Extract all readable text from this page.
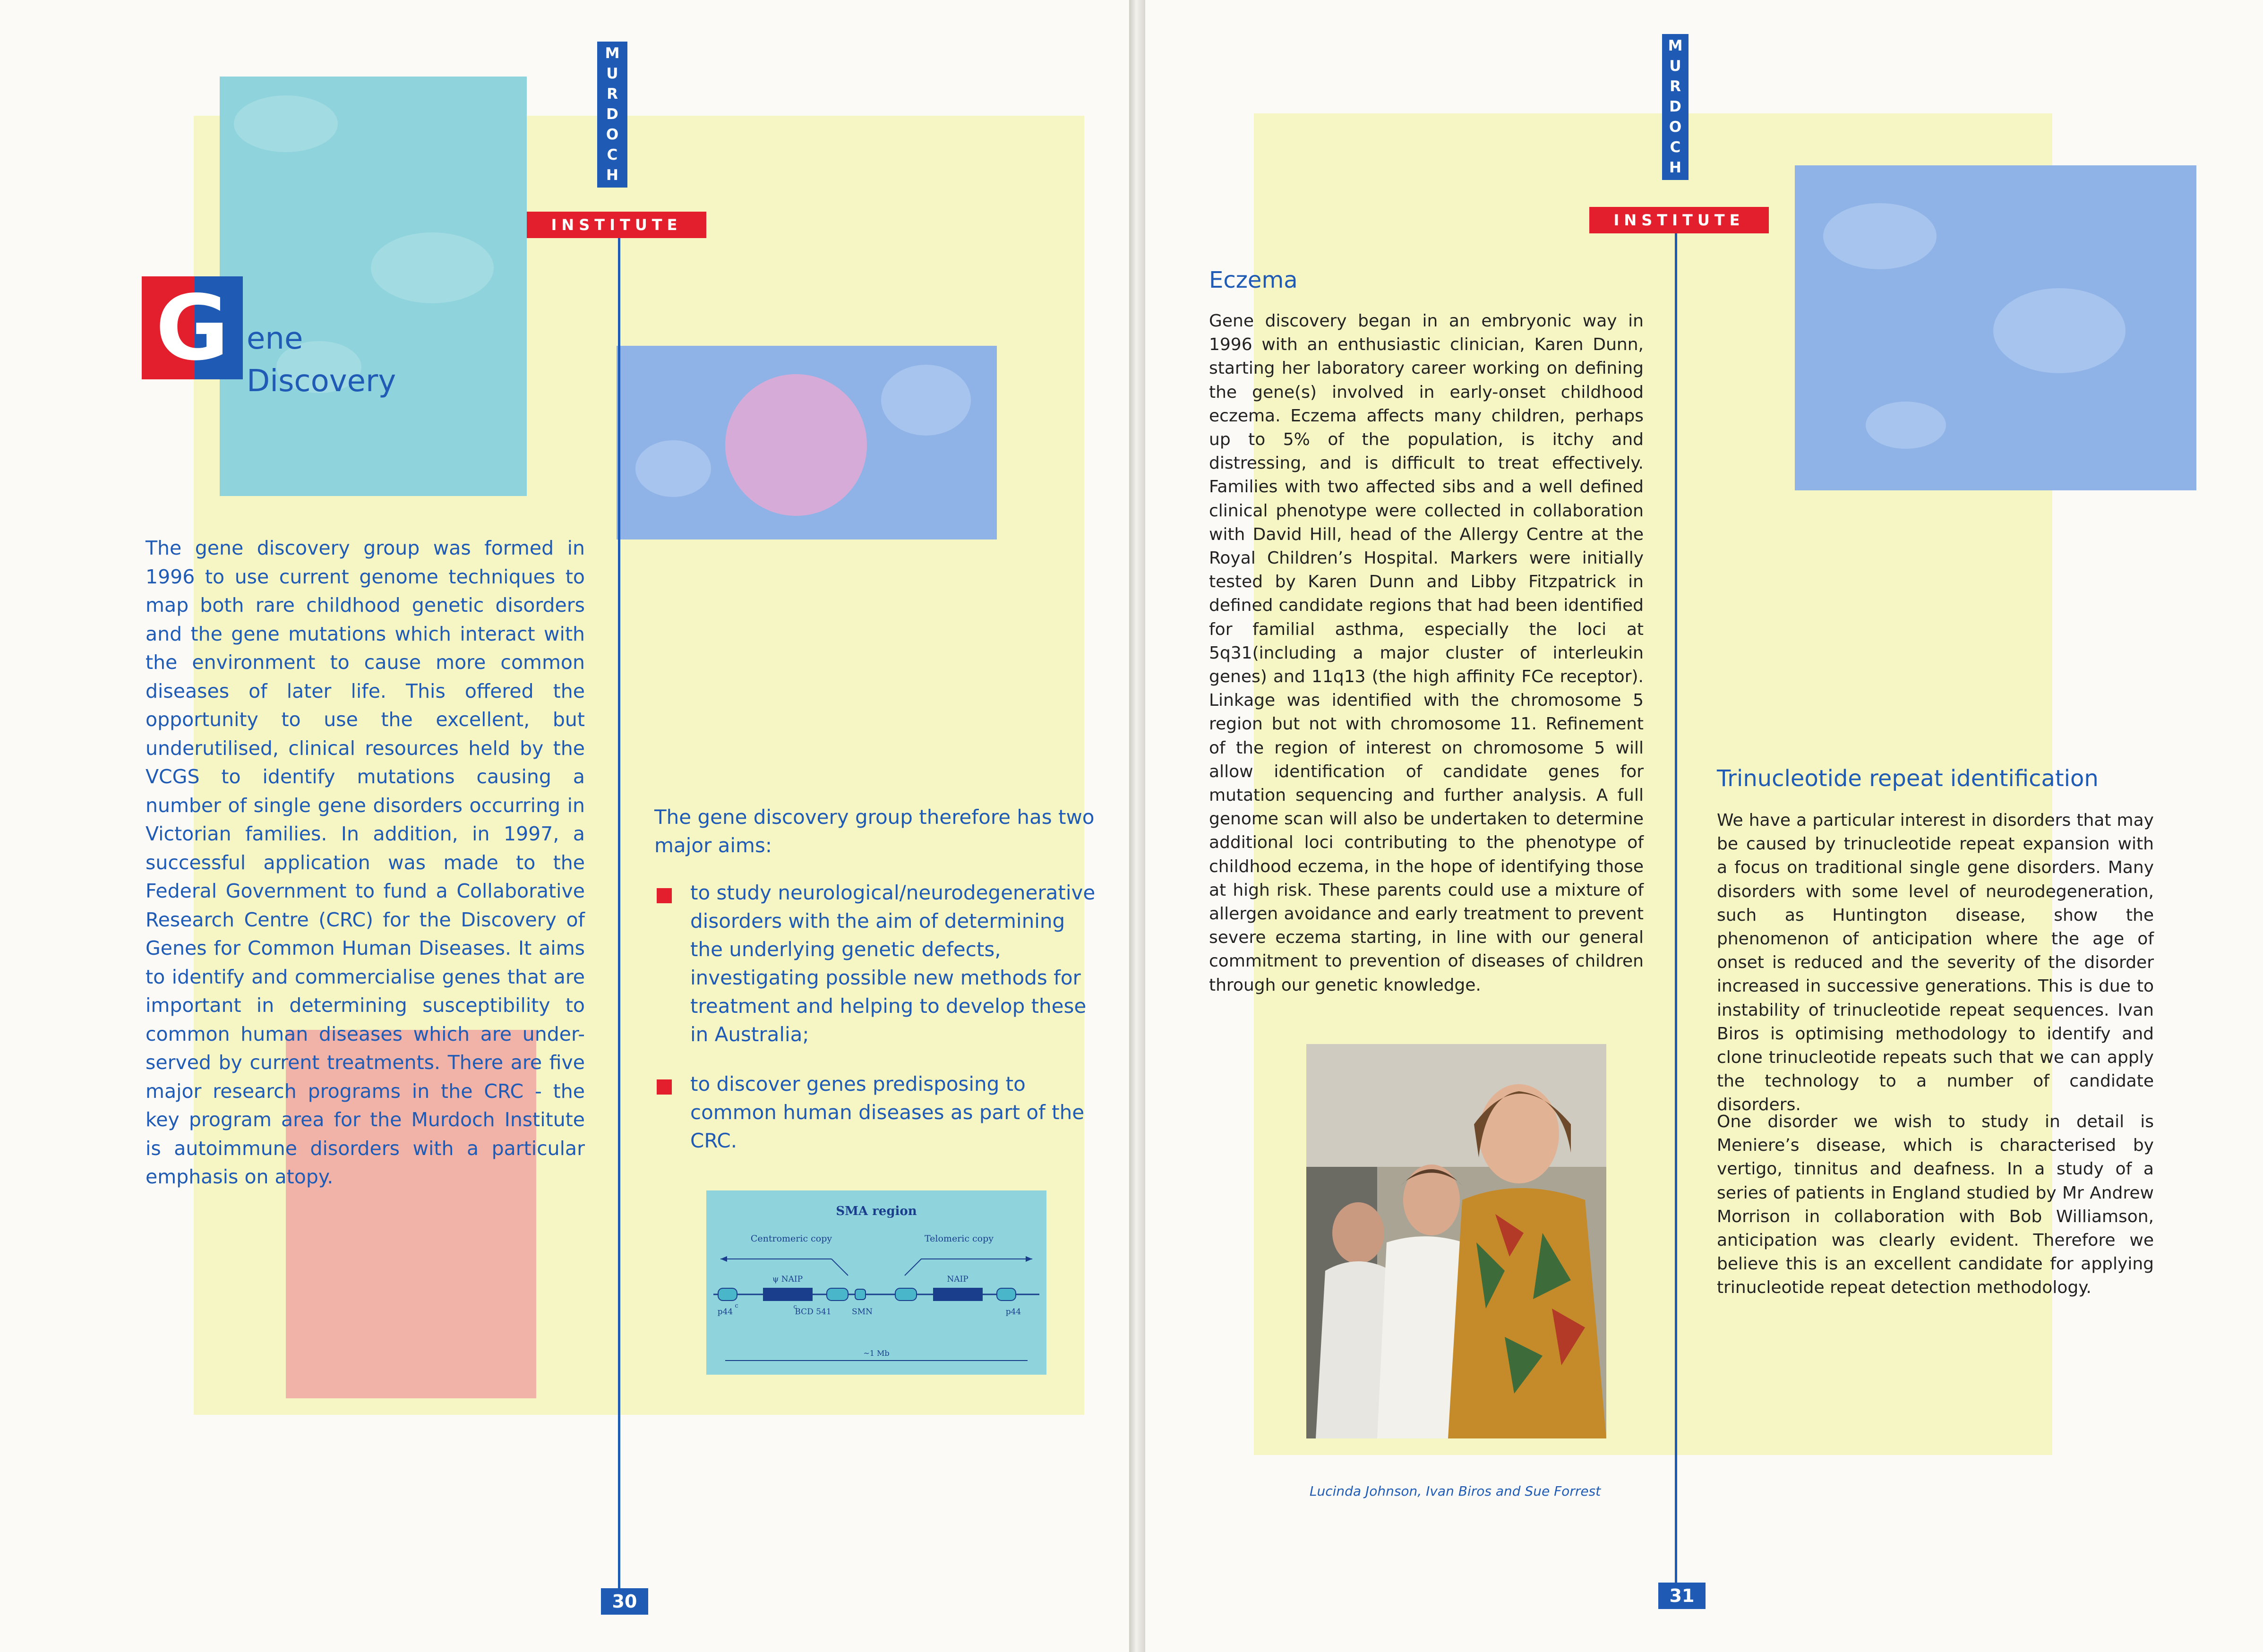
G ene
Discovery

The gene discovery group was formed in 1996 to use current genome techniques to map both rare childhood genetic disorders and the gene mutations which interact with the environment to cause more common diseases of later life. This offered the opportunity to use the excellent, but underutilised, clinical resources held by the VCGS to identify mutations causing a number of single gene disorders occurring in Victorian families. In addition, in 1997, a successful application was made to the Federal Government to fund a Collaborative Research Centre (CRC) for the Discovery of Genes for Common Human Diseases. It aims to identify and commercialise genes that are important in determining susceptibility to common human diseases which are under-served by current treatments. There are five major research programs in the CRC - the key program area for the Murdoch Institute is autoimmune disorders with a particular emphasis on atopy.

The gene discovery group therefore has two major aims:

to study neurological/neurodegenerative disorders with the aim of determining the underlying genetic defects, investigating possible new methods for treatment and helping to develop these in Australia;
to discover genes predisposing to common human diseases as part of the CRC.
SMA region
Centromeric copy	Telomeric copy
ψ NAIP	NAIP
p44
c	c
BCD 541	SMN	p44
~1 Mb
M
U
R
D
O
C
H
INSTITUTE
30
M
U
R
D
O
C
H
INSTITUTE
Eczema

Gene discovery began in an embryonic way in 1996 with an enthusiastic clinician, Karen Dunn, starting her laboratory career working on defining the gene(s) involved in early-onset childhood eczema. Eczema affects many children, perhaps up to 5% of the population, is itchy and distressing, and is difficult to treat effectively. Families with two affected sibs and a well defined clinical phenotype were collected in collaboration with David Hill, head of the Allergy Centre at the Royal Children’s Hospital. Markers were initially tested by Karen Dunn and Libby Fitzpatrick in defined candidate regions that had been identified for familial asthma, especially the loci at 5q31(including a major cluster of interleukin genes) and 11q13 (the high affinity FCe receptor). Linkage was identified with the chromosome 5 region but not with chromosome 11. Refinement of the region of interest on chromosome 5 will allow identification of candidate genes for mutation sequencing and further analysis. A full genome scan will also be undertaken to determine additional loci contributing to the phenotype of childhood eczema, in the hope of identifying those at high risk. These parents could use a mixture of allergen avoidance and early treatment to prevent severe eczema starting, in line with our general commitment to prevention of diseases of children through our genetic knowledge.

Trinucleotide repeat identification

We have a particular interest in disorders that may be caused by trinucleotide repeat expansion with a focus on traditional single gene disorders. Many disorders with some level of neurodegeneration, such as Huntington disease, show the phenomenon of anticipation where the age of onset is reduced and the severity of the disorder increased in successive generations. This is due to instability of trinucleotide repeat sequences. Ivan Biros is optimising methodology to identify and clone trinucleotide repeats such that we can apply the technology to a number of candidate disorders.

One disorder we wish to study in detail is Meniere’s disease, which is characterised by vertigo, tinnitus and deafness. In a study of a series of patients in England studied by Mr Andrew Morrison in collaboration with Bob Williamson, anticipation was clearly evident. Therefore we believe this is an excellent candidate for applying trinucleotide repeat detection methodology.

31
Lucinda Johnson, Ivan Biros and Sue Forrest
